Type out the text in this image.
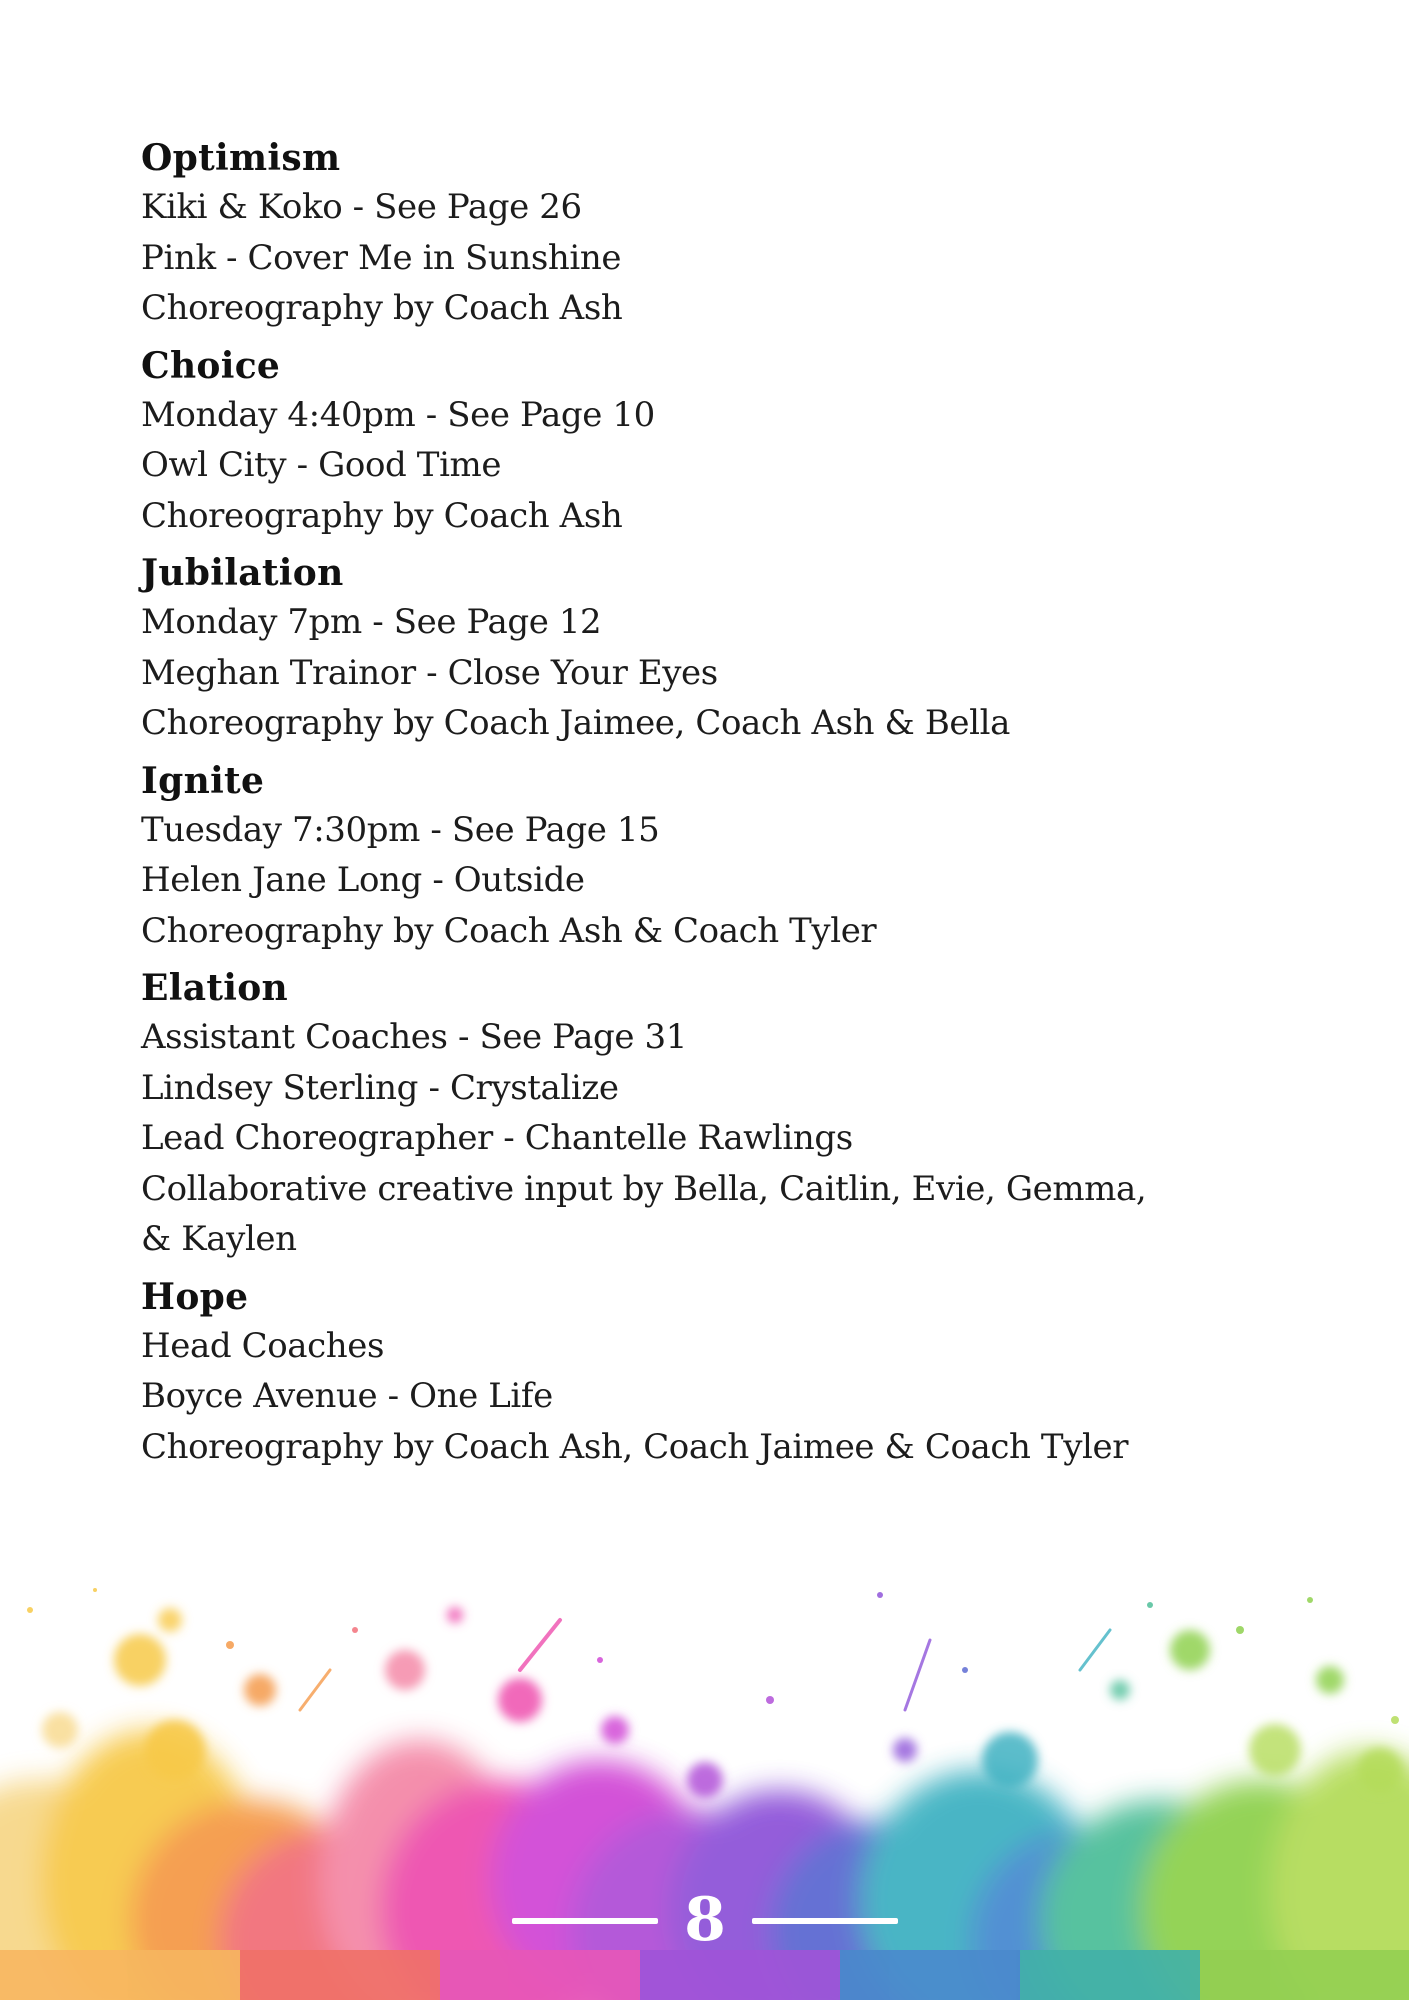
Optimism
Kiki & Koko - See Page 26
Pink - Cover Me in Sunshine
Choreography by Coach Ash
Choice
Monday 4:40pm - See Page 10
Owl City - Good Time
Choreography by Coach Ash
Jubilation
Monday 7pm - See Page 12
Meghan Trainor - Close Your Eyes
Choreography by Coach Jaimee, Coach Ash & Bella
Ignite
Tuesday 7:30pm - See Page 15
Helen Jane Long - Outside
Choreography by Coach Ash & Coach Tyler
Elation
Assistant Coaches - See Page 31
Lindsey Sterling - Crystalize
Lead Choreographer - Chantelle Rawlings
Collaborative creative input by Bella, Caitlin, Evie, Gemma,
& Kaylen
Hope
Head Coaches
Boyce Avenue - One Life
Choreography by Coach Ash, Coach Jaimee & Coach Tyler
8
